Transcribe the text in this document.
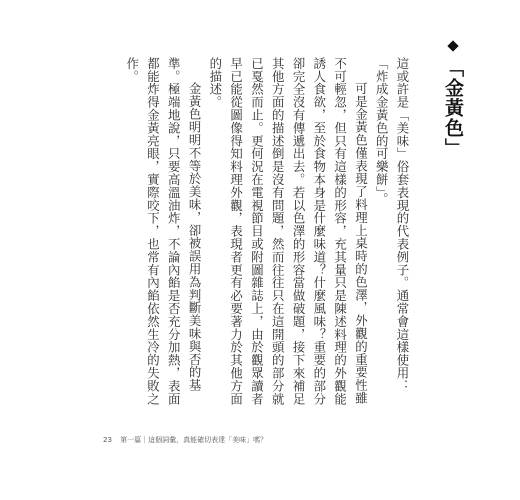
「金黃色」

這或許是「美味」俗套表現的代表例子。通常會這樣使用：「炸成金黃色的可樂餅」。

可是金黃色僅表現了料理上桌時的色澤，外觀的重要性雖不可輕忽，但只有這樣的形容，充其量只是陳述料理的外觀能誘人食欲，至於食物本身是什麼味道？什麼風味？重要的部分卻完全沒有傳遞出去。若以色澤的形容當做破題，接下來補足其他方面的描述倒是沒有問題，然而往往只在這開頭的部分就已戛然而止。更何況在電視節目或附圖雜誌上，由於觀眾讀者早已能從圖像得知料理外觀，表現者更有必要著力於其他方面的描述。

金黃色明明不等於美味，卻被誤用為判斷美味與否的基準。極端地說，只要高溫油炸，不論內餡是否充分加熱，表面都能炸得金黃亮眼，實際咬下，也常有內餡依然生冷的失敗之作。

23 第一篇｜這個詞彙，真能確切表達「美味」嗎？
